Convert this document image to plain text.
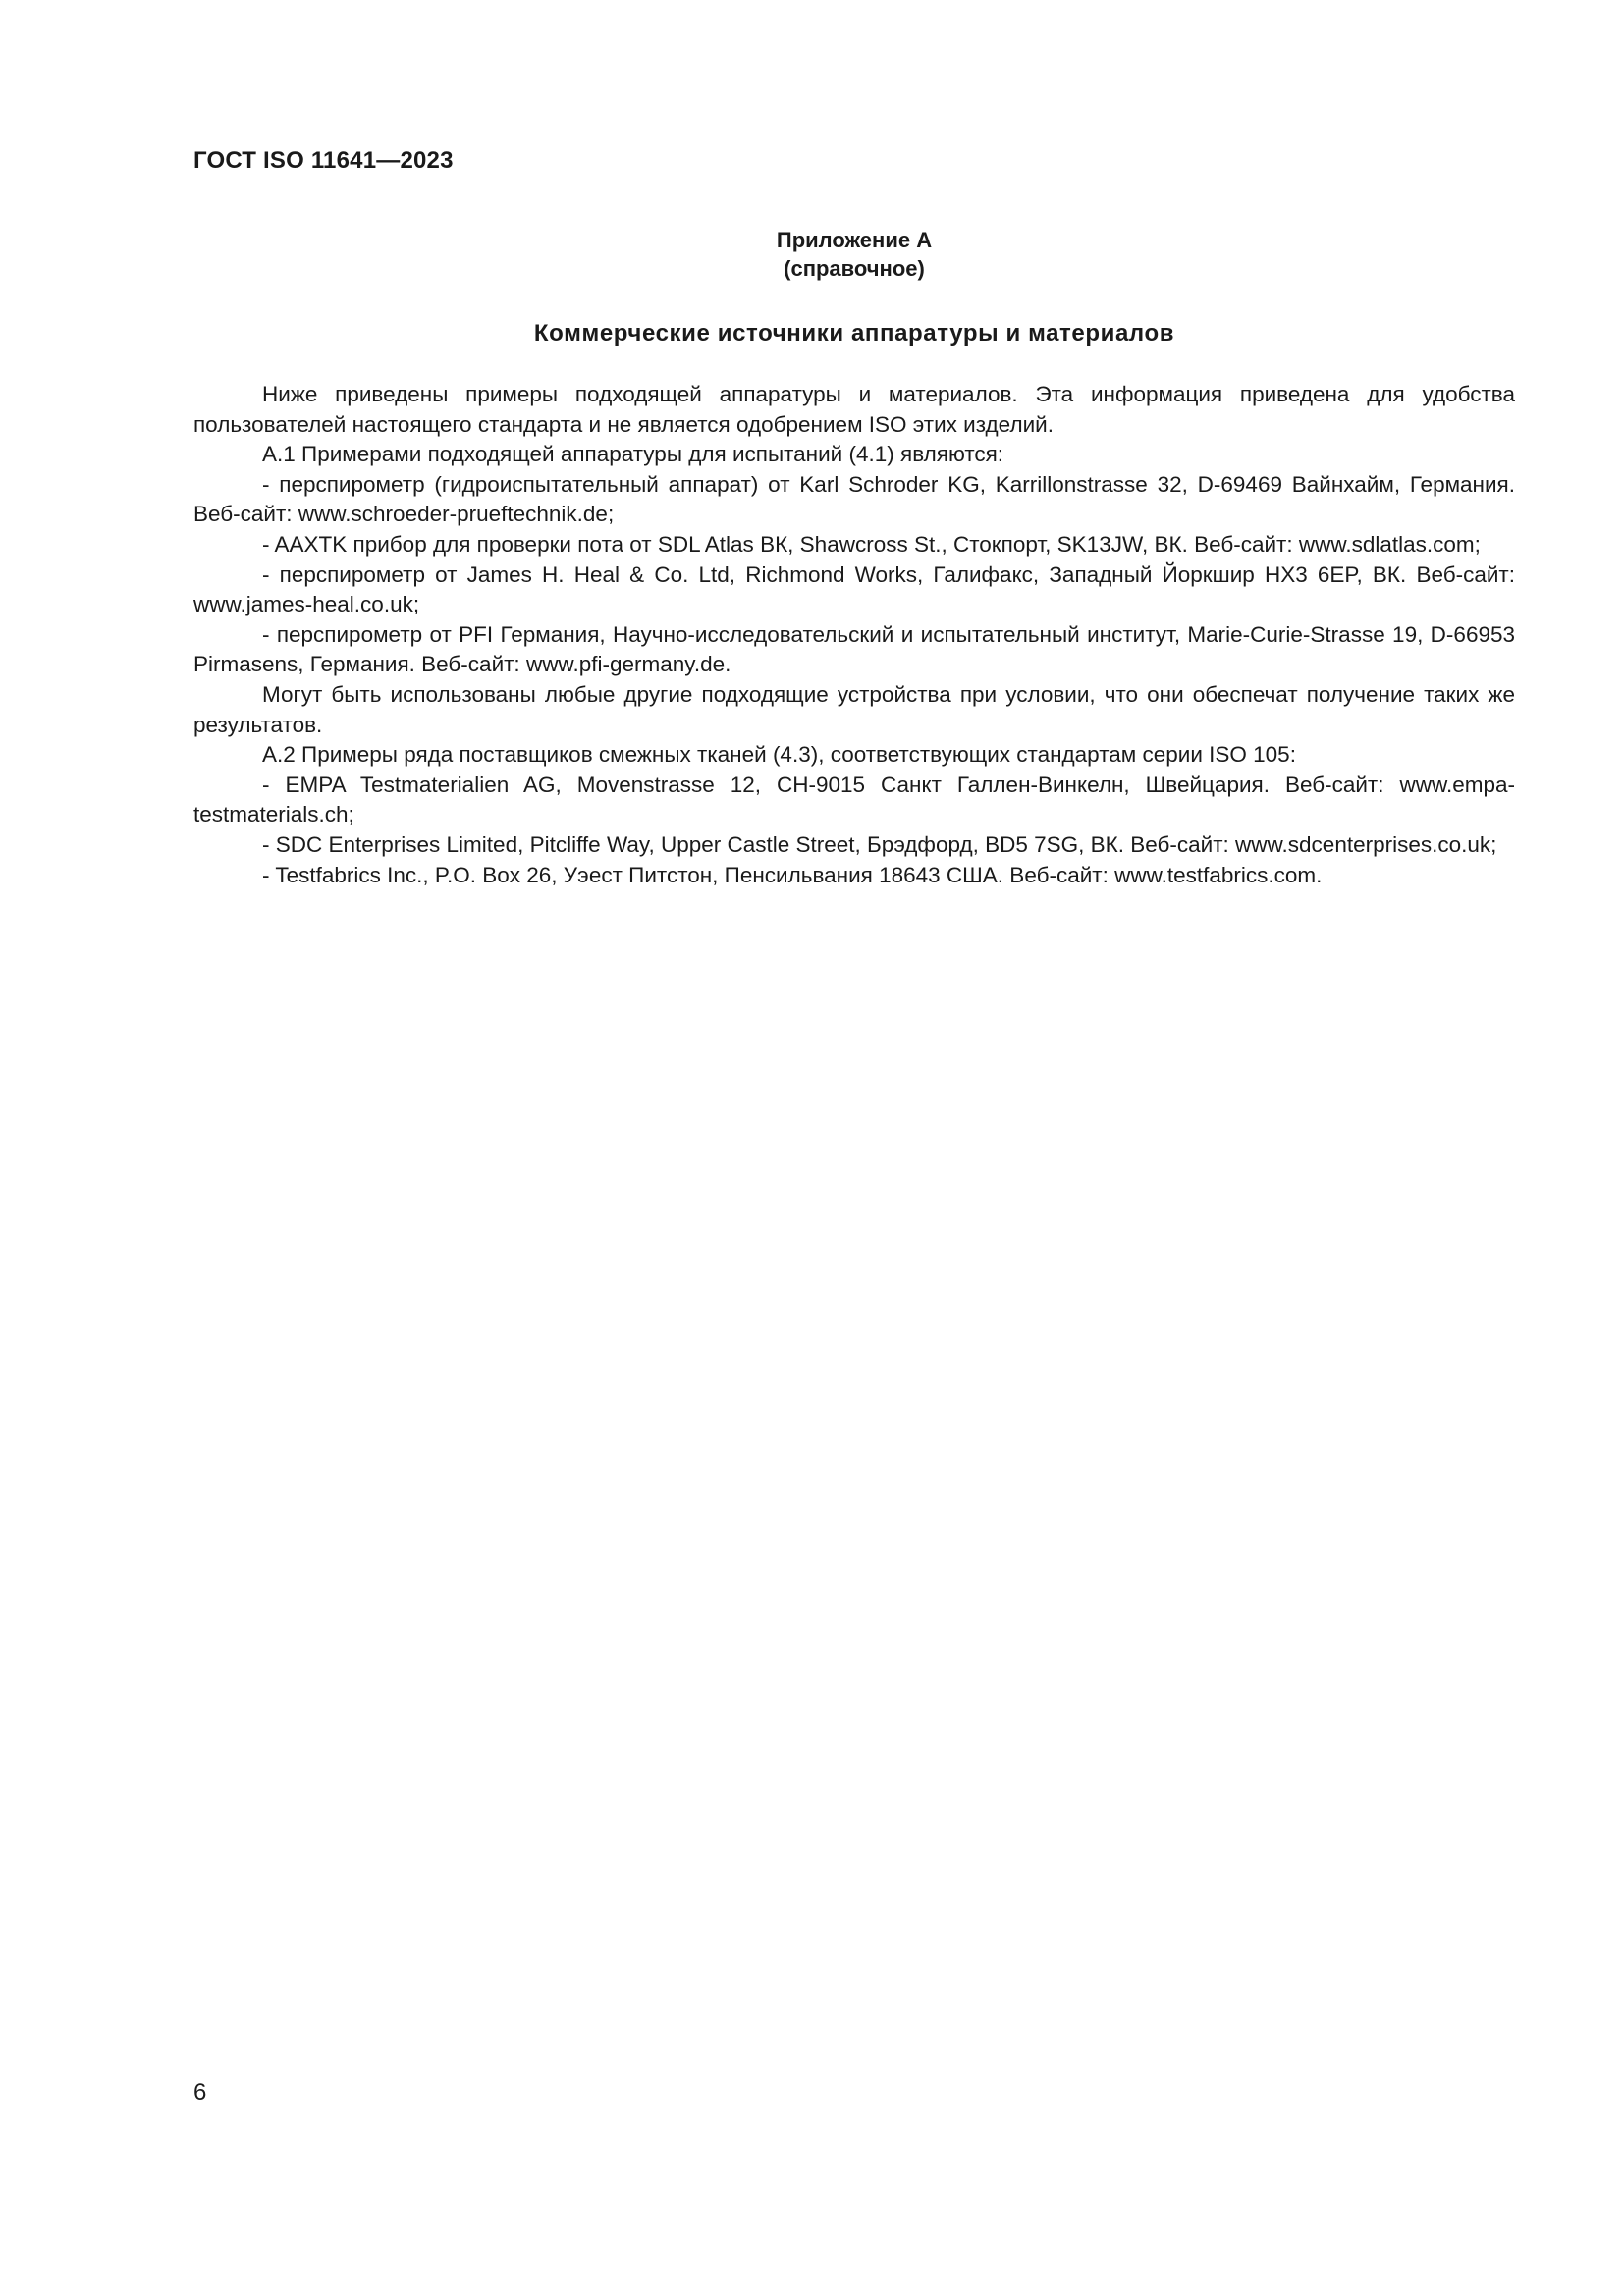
ГОСТ ISO 11641—2023
Приложение А
(справочное)
Коммерческие источники аппаратуры и материалов

Ниже приведены примеры подходящей аппаратуры и материалов. Эта информация приведена для удобства пользователей настоящего стандарта и не является одобрением ISO этих изделий.

А.1 Примерами подходящей аппаратуры для испытаний (4.1) являются:

- перспирометр (гидроиспытательный аппарат) от Karl Schroder KG, Karrillonstrasse 32, D-69469 Вайнхайм, Германия. Веб-сайт: www.schroeder-prueftechnik.de;

- AAXTK прибор для проверки пота от SDL Atlas ВК, Shawcross St., Стокпорт, SK13JW, ВК. Веб-сайт: www.sdlatlas.com;

- перспирометр от James H. Heal & Co. Ltd, Richmond Works, Галифакс, Западный Йоркшир HX3 6EP, ВК. Веб-сайт: www.james-heal.co.uk;

- перспирометр от PFI Германия, Научно-исследовательский и испытательный институт, Marie-Curie-Strasse 19, D-66953 Pirmasens, Германия. Веб-сайт: www.pfi-germany.de.

Могут быть использованы любые другие подходящие устройства при условии, что они обеспечат получение таких же результатов.

А.2 Примеры ряда поставщиков смежных тканей (4.3), соответствующих стандартам серии ISO 105:

- EMPA Testmaterialien AG, Movenstrasse 12, CH-9015 Санкт Галлен-Винкелн, Швейцария. Веб-сайт: www.empa-testmaterials.ch;

- SDC Enterprises Limited, Pitcliffe Way, Upper Castle Street, Брэдфорд, BD5 7SG, ВК. Веб-сайт: www.sdcenterprises.co.uk;

- Testfabrics Inc., P.O. Box 26, Уэест Питстон, Пенсильвания 18643 США. Веб-сайт: www.testfabrics.com.

6
